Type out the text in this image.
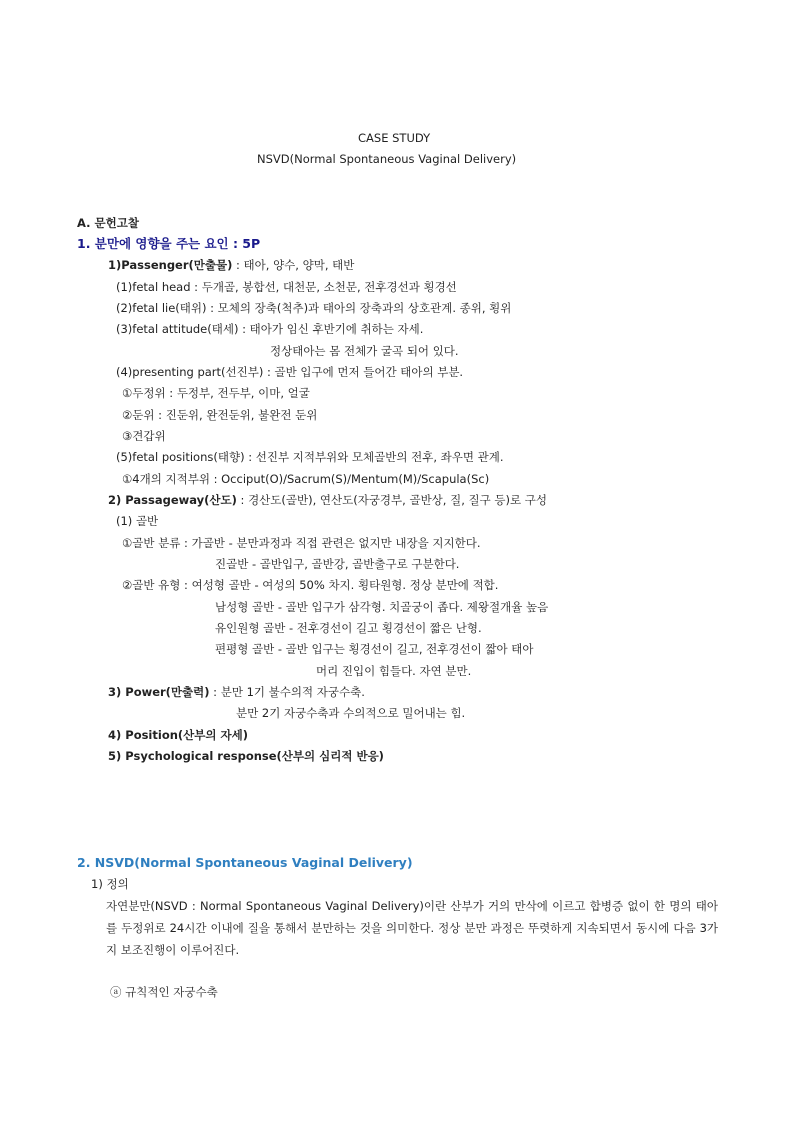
CASE STUDY
NSVD(Normal Spontaneous Vaginal Delivery)
A. 문헌고찰
1. 분만에 영향을 주는 요인 : 5P
1)Passenger(만출물) : 태아, 양수, 양막, 태반
(1)fetal head : 두개골, 봉합선, 대천문, 소천문, 전후경선과 횡경선
(2)fetal lie(태위) : 모체의 장축(척추)과 태아의 장축과의 상호관계. 종위, 횡위
(3)fetal attitude(태세) : 태아가 임신 후반기에 취하는 자세.
정상태아는 몸 전체가 굴곡 되어 있다.
(4)presenting part(선진부) : 골반 입구에 먼저 들어간 태아의 부분.
①두정위 : 두정부, 전두부, 이마, 얼굴
②둔위 : 진둔위, 완전둔위, 불완전 둔위
③견갑위
(5)fetal positions(태향) : 선진부 지적부위와 모체골반의 전후, 좌우면 관계.
①4개의 지적부위 : Occiput(O)/Sacrum(S)/Mentum(M)/Scapula(Sc)
2) Passageway(산도) : 경산도(골반), 연산도(자궁경부, 골반상, 질, 질구 등)로 구성
(1) 골반
①골반 분류 : 가골반 - 분만과정과 직접 관련은 없지만 내장을 지지한다.
진골반 - 골반입구, 골반강, 골반출구로 구분한다.
②골반 유형 : 여성형 골반 - 여성의 50% 차지. 횡타원형. 정상 분만에 적합.
남성형 골반 - 골반 입구가 삼각형. 치골궁이 좁다. 제왕절개율 높음
유인원형 골반 - 전후경선이 길고 횡경선이 짧은 난형.
편평형 골반 - 골반 입구는 횡경선이 길고, 전후경선이 짧아 태아
머리 진입이 힘들다. 자연 분만.
3) Power(만출력) : 분만 1기 불수의적 자궁수축.
분만 2기 자궁수축과 수의적으로 밀어내는 힘.
4) Position(산부의 자세)
5) Psychological response(산부의 심리적 반응)
2. NSVD(Normal Spontaneous Vaginal Delivery)
1) 정의
자연분만(NSVD : Normal Spontaneous Vaginal Delivery)이란 산부가 거의 만삭에 이르고 합병증 없이 한 명의 태아를 두정위로 24시간 이내에 질을 통해서 분만하는 것을 의미한다. 정상 분만 과정은 뚜렷하게 지속되면서 동시에 다음 3가지 보조진행이 이루어진다.
ⓐ 규칙적인 자궁수축
